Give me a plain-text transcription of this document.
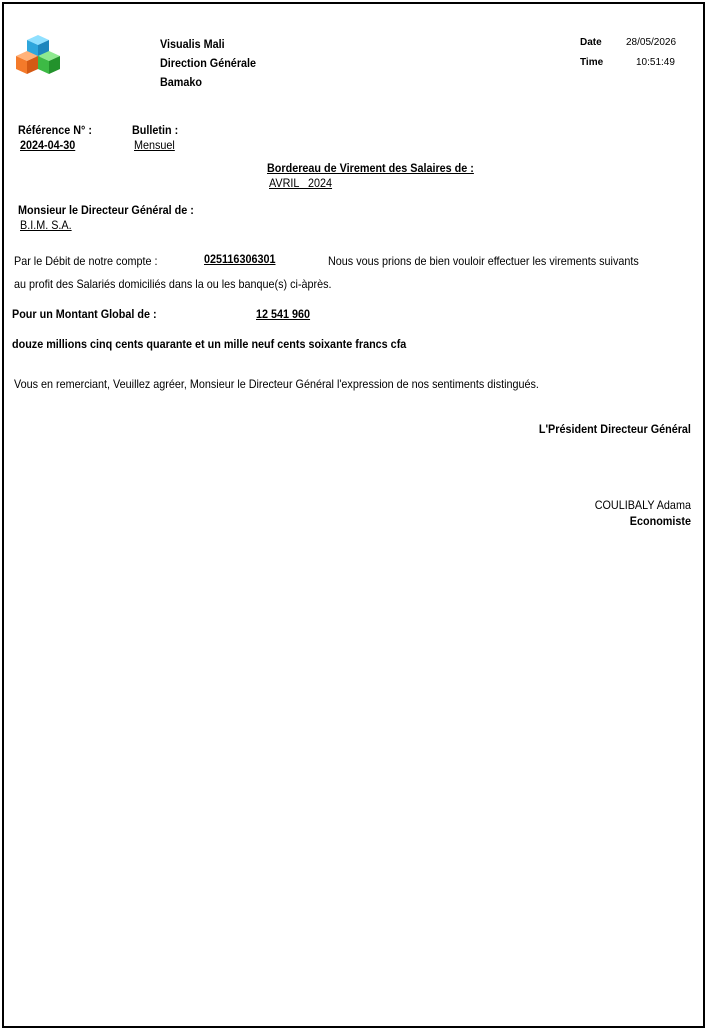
Visualis Mali
Direction Générale
Bamako
Date 28/05/2026
Time	10:51:49
Référence N° :
2024-04-30
Bulletin :
Mensuel
Bordereau de Virement des Salaires de :
AVRIL   2024
Monsieur le Directeur Général de :
B.I.M. S.A.
Par le Débit de notre compte :	025116306301	Nous vous prions de bien vouloir effectuer les virements suivants
au profit des Salariés domiciliés dans la ou les banque(s) ci-àprès.
Pour un Montant Global de :	12 541 960
douze millions cinq cents quarante et un mille neuf cents soixante francs cfa
Vous en remerciant, Veuillez agréer, Monsieur le Directeur Général l'expression de nos sentiments distingués.
L'Président Directeur Général
COULIBALY Adama
Economiste
